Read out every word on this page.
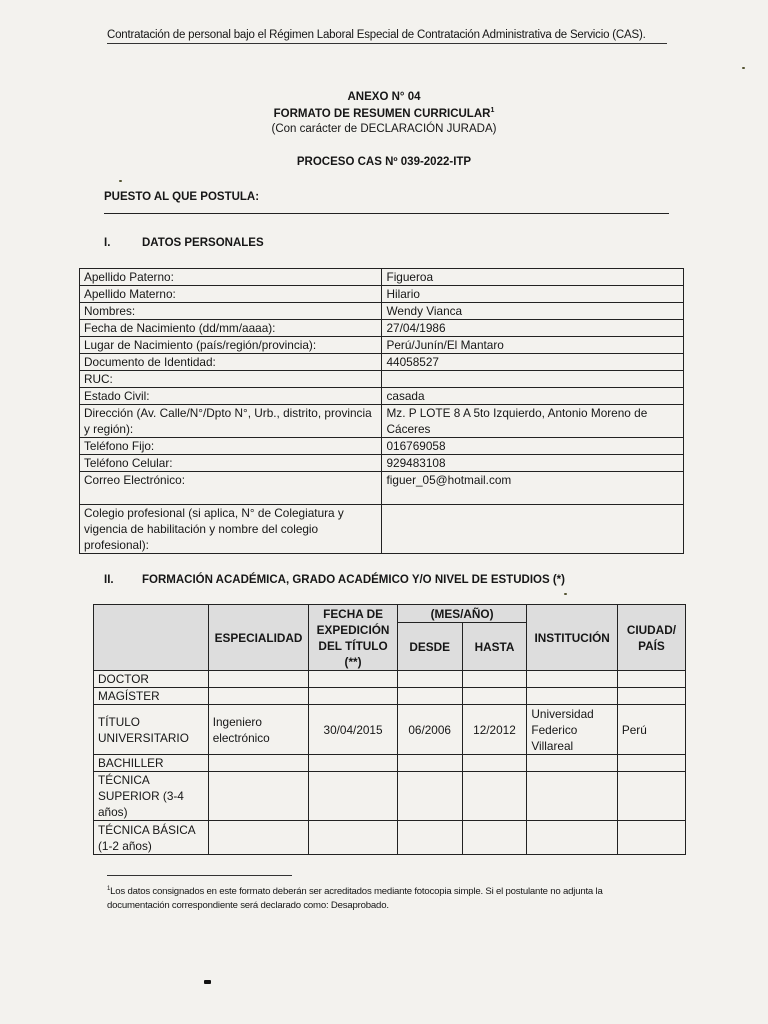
Contratación de personal bajo el Régimen Laboral Especial de Contratación Administrativa de Servicio (CAS).
ANEXO N° 04
FORMATO DE RESUMEN CURRICULAR$^1$
(Con carácter de DECLARACIÓN JURADA)
PROCESO CAS Nº 039-2022-ITP
PUESTO AL QUE POSTULA:
I.	DATOS PERSONALES
Apellido Paterno:	Figueroa
Apellido Materno:	Hilario
Nombres:	Wendy Vianca
Fecha de Nacimiento (dd/mm/aaaa):	27/04/1986
Lugar de Nacimiento (país/región/provincia):	Perú/Junín/El Mantaro
Documento de Identidad:	44058527
RUC:	
Estado Civil:	casada
Dirección (Av. Calle/N°/Dpto N°, Urb., distrito, provincia y región):	Mz. P LOTE 8 A 5to Izquierdo, Antonio Moreno de Cáceres
Teléfono Fijo:	016769058
Teléfono Celular:	929483108
Correo Electrónico:	figuer_05@hotmail.com
Colegio profesional (si aplica, N° de Colegiatura y vigencia de habilitación y nombre del colegio profesional):	
II. FORMACIÓN ACADÉMICA, GRADO ACADÉMICO Y/O NIVEL DE ESTUDIOS (*)
	ESPECIALIDAD	FECHA DE EXPEDICIÓN DEL TÍTULO (**)	(MES/AÑO)		INSTITUCIÓN	CIUDAD/ PAÍS
			DESDE	HASTA		
DOCTOR						
MAGÍSTER						
TÍTULO UNIVERSITARIO	Ingeniero electrónico	30/04/2015	06/2006	12/2012	Universidad Federico Villareal	Perú
BACHILLER						
TÉCNICA SUPERIOR (3-4 años)						
TÉCNICA BÁSICA (1-2 años)						
$^1$Los datos consignados en este formato deberán ser acreditados mediante fotocopia simple. Si el postulante no adjunta la documentación correspondiente será declarado como: Desaprobado.
